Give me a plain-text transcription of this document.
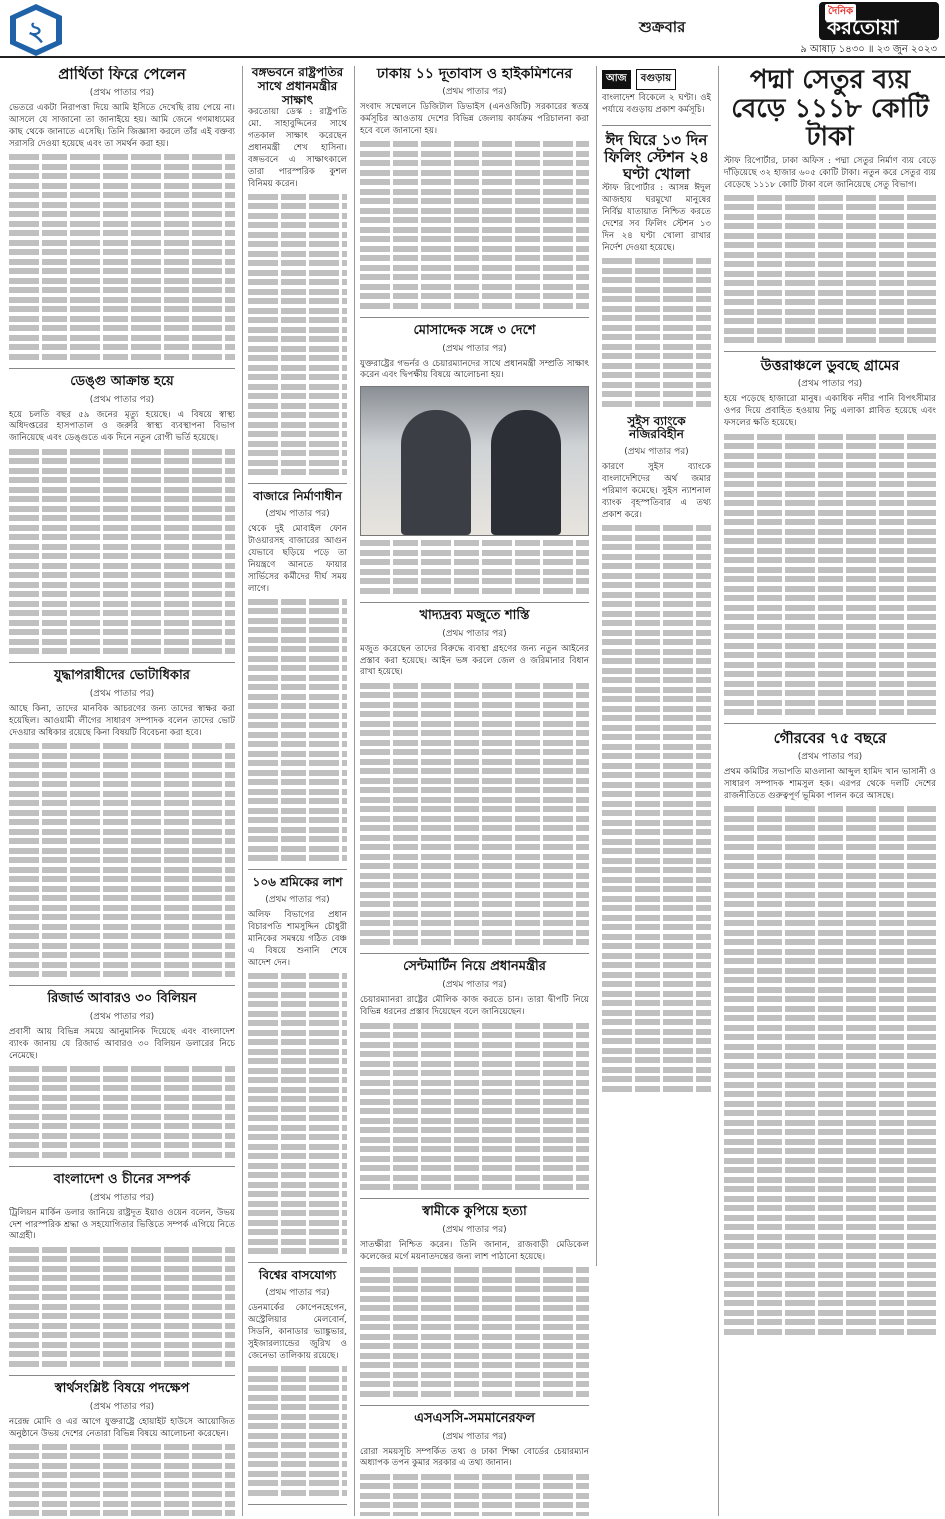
২	শুক্রবার
দৈনিক
করতোয়া
৯ আষাঢ় ১৪৩০ ॥ ২৩ জুন ২০২৩
প্রার্থিতা ফিরে পেলেন
(প্রথম পাতার পর)
ভেতরে একটা নিরাপত্তা দিয়ে আমি ইসিতে দেখেছি রায় পেয়ে না। আসলে যে সাজানো তা জানাইয়ে হয়। আমি জেনে গণমাধ্যমের কাছ থেকে জানাতে এসেছি। তিনি জিজ্ঞাসা করলে তাঁর এই বক্তব্য সরাসরি দেওয়া হয়েছে এবং তা সমর্থন করা হয়।
ডেঙ্গু আক্রান্ত হয়ে
(প্রথম পাতার পর)
হয়ে চলতি বছর ৫৯ জনের মৃত্যু হয়েছে। এ বিষয়ে স্বাস্থ্য অধিদপ্তরের হাসপাতাল ও জরুরি স্বাস্থ্য ব্যবস্থাপনা বিভাগ জানিয়েছে এবং ডেঙ্গুতে এক দিনে নতুন রোগী ভর্তি হয়েছে।
যুদ্ধাপরাধীদের ভোটাধিকার
(প্রথম পাতার পর)
আছে কিনা, তাদের মানবিক আচরণের জন্য তাদের স্বাক্ষর করা হয়েছিল। আওয়ামী লীগের সাধারণ সম্পাদক বলেন তাদের ভোট দেওয়ার অধিকার রয়েছে কিনা বিষয়টি বিবেচনা করা হবে।
রিজার্ভ আবারও ৩০ বিলিয়ন
(প্রথম পাতার পর)
প্রবাসী আয় বিভিন্ন সময়ে আনুমানিক দিয়েছে এবং বাংলাদেশ ব্যাংক জানায় যে রিজার্ভ আবারও ৩০ বিলিয়ন ডলারের নিচে নেমেছে।
বাংলাদেশ ও চীনের সম্পর্ক
(প্রথম পাতার পর)
ট্রিলিয়ন মার্কিন ডলার জানিয়ে রাষ্ট্রদূত ইয়াও ওয়েন বলেন, উভয় দেশ পারস্পরিক শ্রদ্ধা ও সহযোগিতার ভিত্তিতে সম্পর্ক এগিয়ে নিতে আগ্রহী।
স্বার্থসংশ্লিষ্ট বিষয়ে পদক্ষেপ
(প্রথম পাতার পর)
নরেন্দ্র মোদি ও এর আগে যুক্তরাষ্ট্রে হোয়াইট হাউসে আয়োজিত অনুষ্ঠানে উভয় দেশের নেতারা বিভিন্ন বিষয়ে আলোচনা করেছেন।
বঙ্গভবনে রাষ্ট্রপতির সাথে প্রধানমন্ত্রীর সাক্ষাৎ
করতোয়া ডেস্ক : রাষ্ট্রপতি মো. সাহাবুদ্দিনের সাথে গতকাল সাক্ষাৎ করেছেন প্রধানমন্ত্রী শেখ হাসিনা। বঙ্গভবনে এ সাক্ষাৎকালে তারা পারস্পরিক কুশল বিনিময় করেন।
বাজারে নির্মাণাধীন
(প্রথম পাতার পর)
থেকে দুই মোবাইল ফোন টাওয়ারসহ বাজারের আগুন যেভাবে ছড়িয়ে পড়ে তা নিয়ন্ত্রণে আনতে ফায়ার সার্ভিসের কর্মীদের দীর্ঘ সময় লাগে।
১০৬ শ্রমিকের লাশ
(প্রথম পাতার পর)
অলিফ বিভাগের প্রধান বিচারপতি শামসুদ্দিন চৌধুরী মানিকের সমন্বয়ে গঠিত বেঞ্চ এ বিষয়ে শুনানি শেষে আদেশ দেন।
বিশ্বের বাসযোগ্য
(প্রথম পাতার পর)
ডেনমার্কের কোপেনহেগেন, অস্ট্রেলিয়ার মেলবোর্ন, সিডনি, কানাডার ভ্যাঙ্কুভার, সুইজারল্যান্ডের জুরিখ ও জেনেভা তালিকায় রয়েছে।
ঢাকায় ১১ দূতাবাস ও হাইকমিশনের
(প্রথম পাতার পর)
সংবাদ সম্মেলনে ডিজিটাল ডিভাইস (এনওজিটি) সরকারের স্বতন্ত্র কর্মসূচির আওতায় দেশের বিভিন্ন জেলায় কার্যক্রম পরিচালনা করা হবে বলে জানানো হয়।
মোসাদ্দেক সঙ্গে ৩ দেশে
(প্রথম পাতার পর)
যুক্তরাষ্ট্রের গভর্নর ও চেয়ারম্যানদের সাথে প্রধানমন্ত্রী সম্প্রতি সাক্ষাৎ করেন এবং দ্বিপক্ষীয় বিষয়ে আলোচনা হয়।
খাদ্যদ্রব্য মজুতে শাস্তি
(প্রথম পাতার পর)
মজুত করেছেন তাদের বিরুদ্ধে ব্যবস্থা গ্রহণের জন্য নতুন আইনের প্রস্তাব করা হয়েছে। আইন ভঙ্গ করলে জেল ও জরিমানার বিধান রাখা হয়েছে।
সেন্টমার্টিন নিয়ে প্রধানমন্ত্রীর
(প্রথম পাতার পর)
চেয়ারম্যানরা রাষ্ট্রের মৌলিক কাজ করতে চান। তারা দ্বীপটি নিয়ে বিভিন্ন ধরনের প্রস্তাব দিয়েছেন বলে জানিয়েছেন।
স্বামীকে কুপিয়ে হত্যা
(প্রথম পাতার পর)
সাতক্ষীরা নিশ্চিত করেন। তিনি জানান, রাজবাড়ী মেডিকেল কলেজের মর্গে ময়নাতদন্তের জন্য লাশ পাঠানো হয়েছে।
এসএসসি-সমমানেরফল
(প্রথম পাতার পর)
রোরা সময়সূচি সম্পর্কিত তথ্য ও ঢাকা শিক্ষা বোর্ডের চেয়ারম্যান অধ্যাপক তপন কুমার সরকার এ তথ্য জানান।
আজ বগুড়ায়
বাংলাদেশ বিকেলে ২ ঘণ্টা। ওই পর্যায়ে বগুড়ায় প্রকাশ কর্মসূচি।
ঈদ ঘিরে ১৩ দিন ফিলিং স্টেশন ২৪ ঘণ্টা খোলা
স্টাফ রিপোর্টার : আসন্ন ঈদুল আজহায় ঘরমুখো মানুষের নির্বিঘ্ন যাতায়াত নিশ্চিত করতে দেশের সব ফিলিং স্টেশন ১৩ দিন ২৪ ঘণ্টা খোলা রাখার নির্দেশ দেওয়া হয়েছে।
সুইস ব্যাংকে নজিরবিহীন
(প্রথম পাতার পর)
কারণে সুইস ব্যাংকে বাংলাদেশিদের অর্থ জমার পরিমাণ কমেছে। সুইস ন্যাশনাল ব্যাংক বৃহস্পতিবার এ তথ্য প্রকাশ করে।
পদ্মা সেতুর ব্যয় বেড়ে ১১১৮ কোটি টাকা
স্টাফ রিপোর্টার, ঢাকা অফিস : পদ্মা সেতুর নির্মাণ ব্যয় বেড়ে দাঁড়িয়েছে ৩২ হাজার ৬০৫ কোটি টাকা। নতুন করে সেতুর ব্যয় বেড়েছে ১১১৮ কোটি টাকা বলে জানিয়েছে সেতু বিভাগ।
উত্তরাঞ্চলে ডুবছে গ্রামের
(প্রথম পাতার পর)
হয়ে পড়েছে হাজারো মানুষ। একাধিক নদীর পানি বিপৎসীমার ওপর দিয়ে প্রবাহিত হওয়ায় নিচু এলাকা প্লাবিত হয়েছে এবং ফসলের ক্ষতি হয়েছে।
গৌরবের ৭৫ বছরে
(প্রথম পাতার পর)
প্রথম কমিটির সভাপতি মাওলানা আব্দুল হামিদ খান ভাসানী ও সাধারণ সম্পাদক শামসুল হক। এরপর থেকে দলটি দেশের রাজনীতিতে গুরুত্বপূর্ণ ভূমিকা পালন করে আসছে।
